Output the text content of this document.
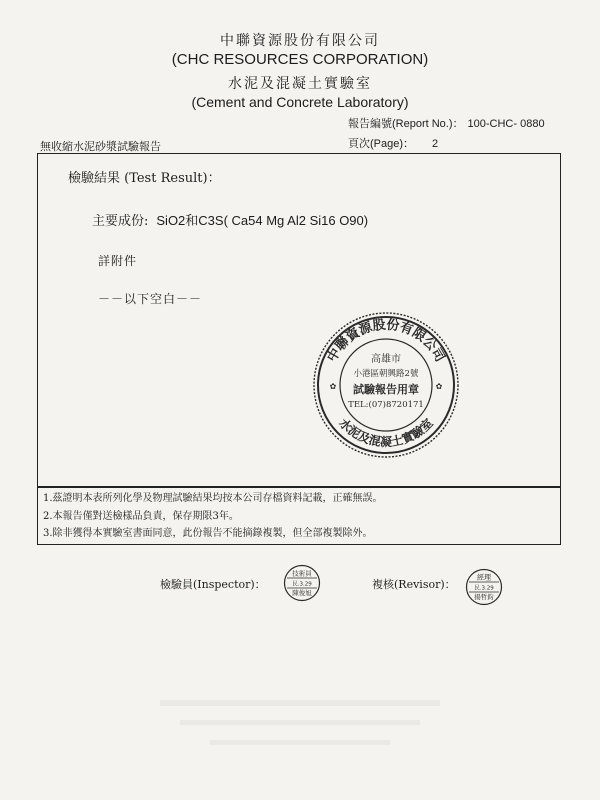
中聯資源股份有限公司
(CHC RESOURCES CORPORATION)
水泥及混凝土實驗室
(Cement and Concrete Laboratory)
報告編號(Report No.)： 100-CHC- 0880
無收縮水泥砂漿試驗報告	頁次(Page)： 2
檢驗結果 (Test Result)：
主要成份: SiO2和C3S( Ca54 Mg Al2 Si16 O90)
詳附件
－－以下空白－－
1.茲證明本表所列化學及物理試驗結果均按本公司存檔資料記載，正確無誤。
2.本報告僅對送檢樣品負責，保存期限3年。
3.除非獲得本實驗室書面同意，此份報告不能摘錄複製，但全部複製除外。
中聯資源股份有限公司
水泥及混凝土實驗室
高雄市
小港區朝興路2號
試驗報告用章
TEL:(07)8720171
✿	✿
檢驗員(Inspector)：
技術員
民.3.29
陳俊旭
複核(Revisor)：
經理
民.3.29
揚哲鈞
